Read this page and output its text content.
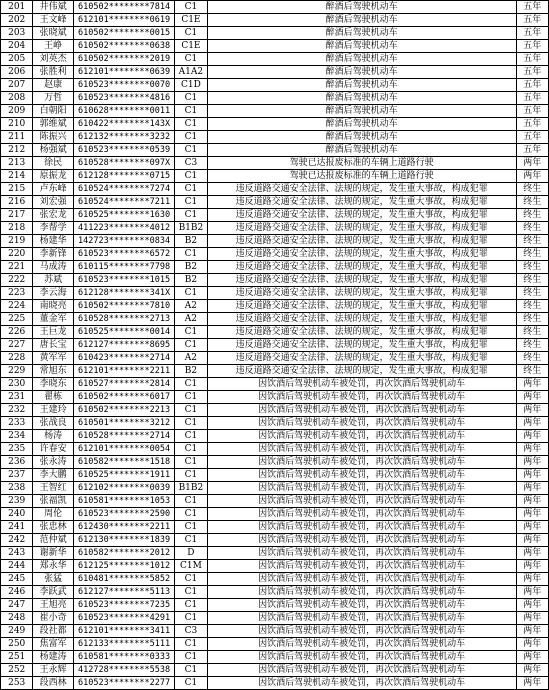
201	井伟斌	610502********7814	C1	醉酒后驾驶机动车	五年
202	王文峰	612101********0619	C1E	醉酒后驾驶机动车	五年
203	张晓斌	610502********0015	C1	醉酒后驾驶机动车	五年
204	王峥	610502********0638	C1E	醉酒后驾驶机动车	五年
205	刘英杰	610502********2019	C1	醉酒后驾驶机动车	五年
206	张胜利	612101********0639	A1A2	醉酒后驾驶机动车	五年
207	赵康	610523********0070	C1D	醉酒后驾驶机动车	五年
208	万哲	610523********4816	C1	醉酒后驾驶机动车	五年
209	白朝阳	610628********0011	C1	醉酒后驾驶机动车	五年
210	郭维斌	610422********143X	C1	醉酒后驾驶机动车	五年
211	陈振兴	612132********3232	C1	醉酒后驾驶机动车	五年
212	杨强斌	610523********0539	C1	醉酒后驾驶机动车	五年
213	徐民	610528********097X	C3	驾驶已达报废标准的车辆上道路行驶	两年
214	原振龙	612128********0715	C1	驾驶已达报废标准的车辆上道路行驶	两年
215	卢东峰	610524********7274	C1	违反道路交通安全法律、法规的规定，发生重大事故，构成犯罪	终生
216	刘宏强	610524********7211	C1	违反道路交通安全法律、法规的规定，发生重大事故，构成犯罪	终生
217	张宏龙	610525********1630	C1	违反道路交通安全法律、法规的规定，发生重大事故，构成犯罪	终生
218	李帮学	411223********4012	B1B2	违反道路交通安全法律、法规的规定，发生重大事故，构成犯罪	终生
219	杨建华	142723********0834	B2	违反道路交通安全法律、法规的规定，发生重大事故，构成犯罪	终生
220	李新锋	610523********6572	C1	违反道路交通安全法律、法规的规定，发生重大事故，构成犯罪	终生
221	马成涛	610115********7798	B2	违反道路交通安全法律、法规的规定，发生重大事故，构成犯罪	终生
222	苏斌	610523********1015	B2	违反道路交通安全法律、法规的规定，发生重大事故，构成犯罪	终生
223	李云海	612128********341X	C1	违反道路交通安全法律、法规的规定，发生重大事故，构成犯罪	终生
224	南晓亮	610502********7810	A2	违反道路交通安全法律、法规的规定，发生重大事故，构成犯罪	终生
225	董金军	610528********2713	A2	违反道路交通安全法律、法规的规定，发生重大事故，构成犯罪	终生
226	王巨龙	610525********0014	C1	违反道路交通安全法律、法规的规定，发生重大事故，构成犯罪	终生
227	唐长宝	612127********8695	C1	违反道路交通安全法律、法规的规定，发生重大事故，构成犯罪	终生
228	黄军军	610423********2714	A2	违反道路交通安全法律、法规的规定，发生重大事故，构成犯罪	终生
229	常旭东	612101********2211	B2	违反道路交通安全法律、法规的规定，发生重大事故，构成犯罪	终生
230	李晓东	610527********2814	C1	因饮酒后驾驶机动车被处罚，再次饮酒后驾驶机动车	两年
231	翟栋	610502********6017	C1	因饮酒后驾驶机动车被处罚，再次饮酒后驾驶机动车	两年
232	王建玲	610502********2213	C1	因饮酒后驾驶机动车被处罚，再次饮酒后驾驶机动车	两年
233	张战良	610501********3212	C1	因饮酒后驾驶机动车被处罚，再次饮酒后驾驶机动车	两年
234	杨涛	610528********2714	C1	因饮酒后驾驶机动车被处罚，再次饮酒后驾驶机动车	两年
235	许春安	612101********0054	C1	因饮酒后驾驶机动车被处罚，再次饮酒后驾驶机动车	两年
236	张永涛	610582********1518	C1	因饮酒后驾驶机动车被处罚，再次饮酒后驾驶机动车	两年
237	李大鹏	610525********1911	C1	因饮酒后驾驶机动车被处罚，再次饮酒后驾驶机动车	两年
238	王智红	612102********0039	B1B2	因饮酒后驾驶机动车被处罚，再次饮酒后驾驶机动车	两年
239	张福凯	610581********1053	C1	因饮酒后驾驶机动车被处罚，再次饮酒后驾驶机动车	两年
240	周伦	610523********2590	C1	因饮酒后驾驶机动车被处罚，再次饮酒后驾驶机动车	两年
241	张忠林	612430********2211	C1	因饮酒后驾驶机动车被处罚，再次饮酒后驾驶机动车	两年
242	范仲斌	612130********1839	C1	因饮酒后驾驶机动车被处罚，再次饮酒后驾驶机动车	两年
243	谢新华	610582********2012	D	因饮酒后驾驶机动车被处罚，再次饮酒后驾驶机动车	两年
244	郑永华	612125********1012	C1M	因饮酒后驾驶机动车被处罚，再次饮酒后驾驶机动车	两年
245	张猛	610481********5852	C1	因饮酒后驾驶机动车被处罚，再次饮酒后驾驶机动车	两年
246	李跃武	612127********5113	C1	因饮酒后驾驶机动车被处罚，再次饮酒后驾驶机动车	两年
247	王旭亮	610523********7235	C1	因饮酒后驾驶机动车被处罚，再次饮酒后驾驶机动车	两年
248	崔小奇	610523********4291	C1	因饮酒后驾驶机动车被处罚，再次饮酒后驾驶机动车	两年
249	段社都	612101********3411	C3	因饮酒后驾驶机动车被处罚，再次饮酒后驾驶机动车	两年
250	焦富军	612133********5111	C1	因饮酒后驾驶机动车被处罚，再次饮酒后驾驶机动车	两年
251	杨建涛	610581********0333	C1	因饮酒后驾驶机动车被处罚，再次饮酒后驾驶机动车	两年
252	王永辉	412728********5538	C1	因饮酒后驾驶机动车被处罚，再次饮酒后驾驶机动车	两年
253	段西林	610523********2277	C1	因饮酒后驾驶机动车被处罚，再次饮酒后驾驶机动车	两年
